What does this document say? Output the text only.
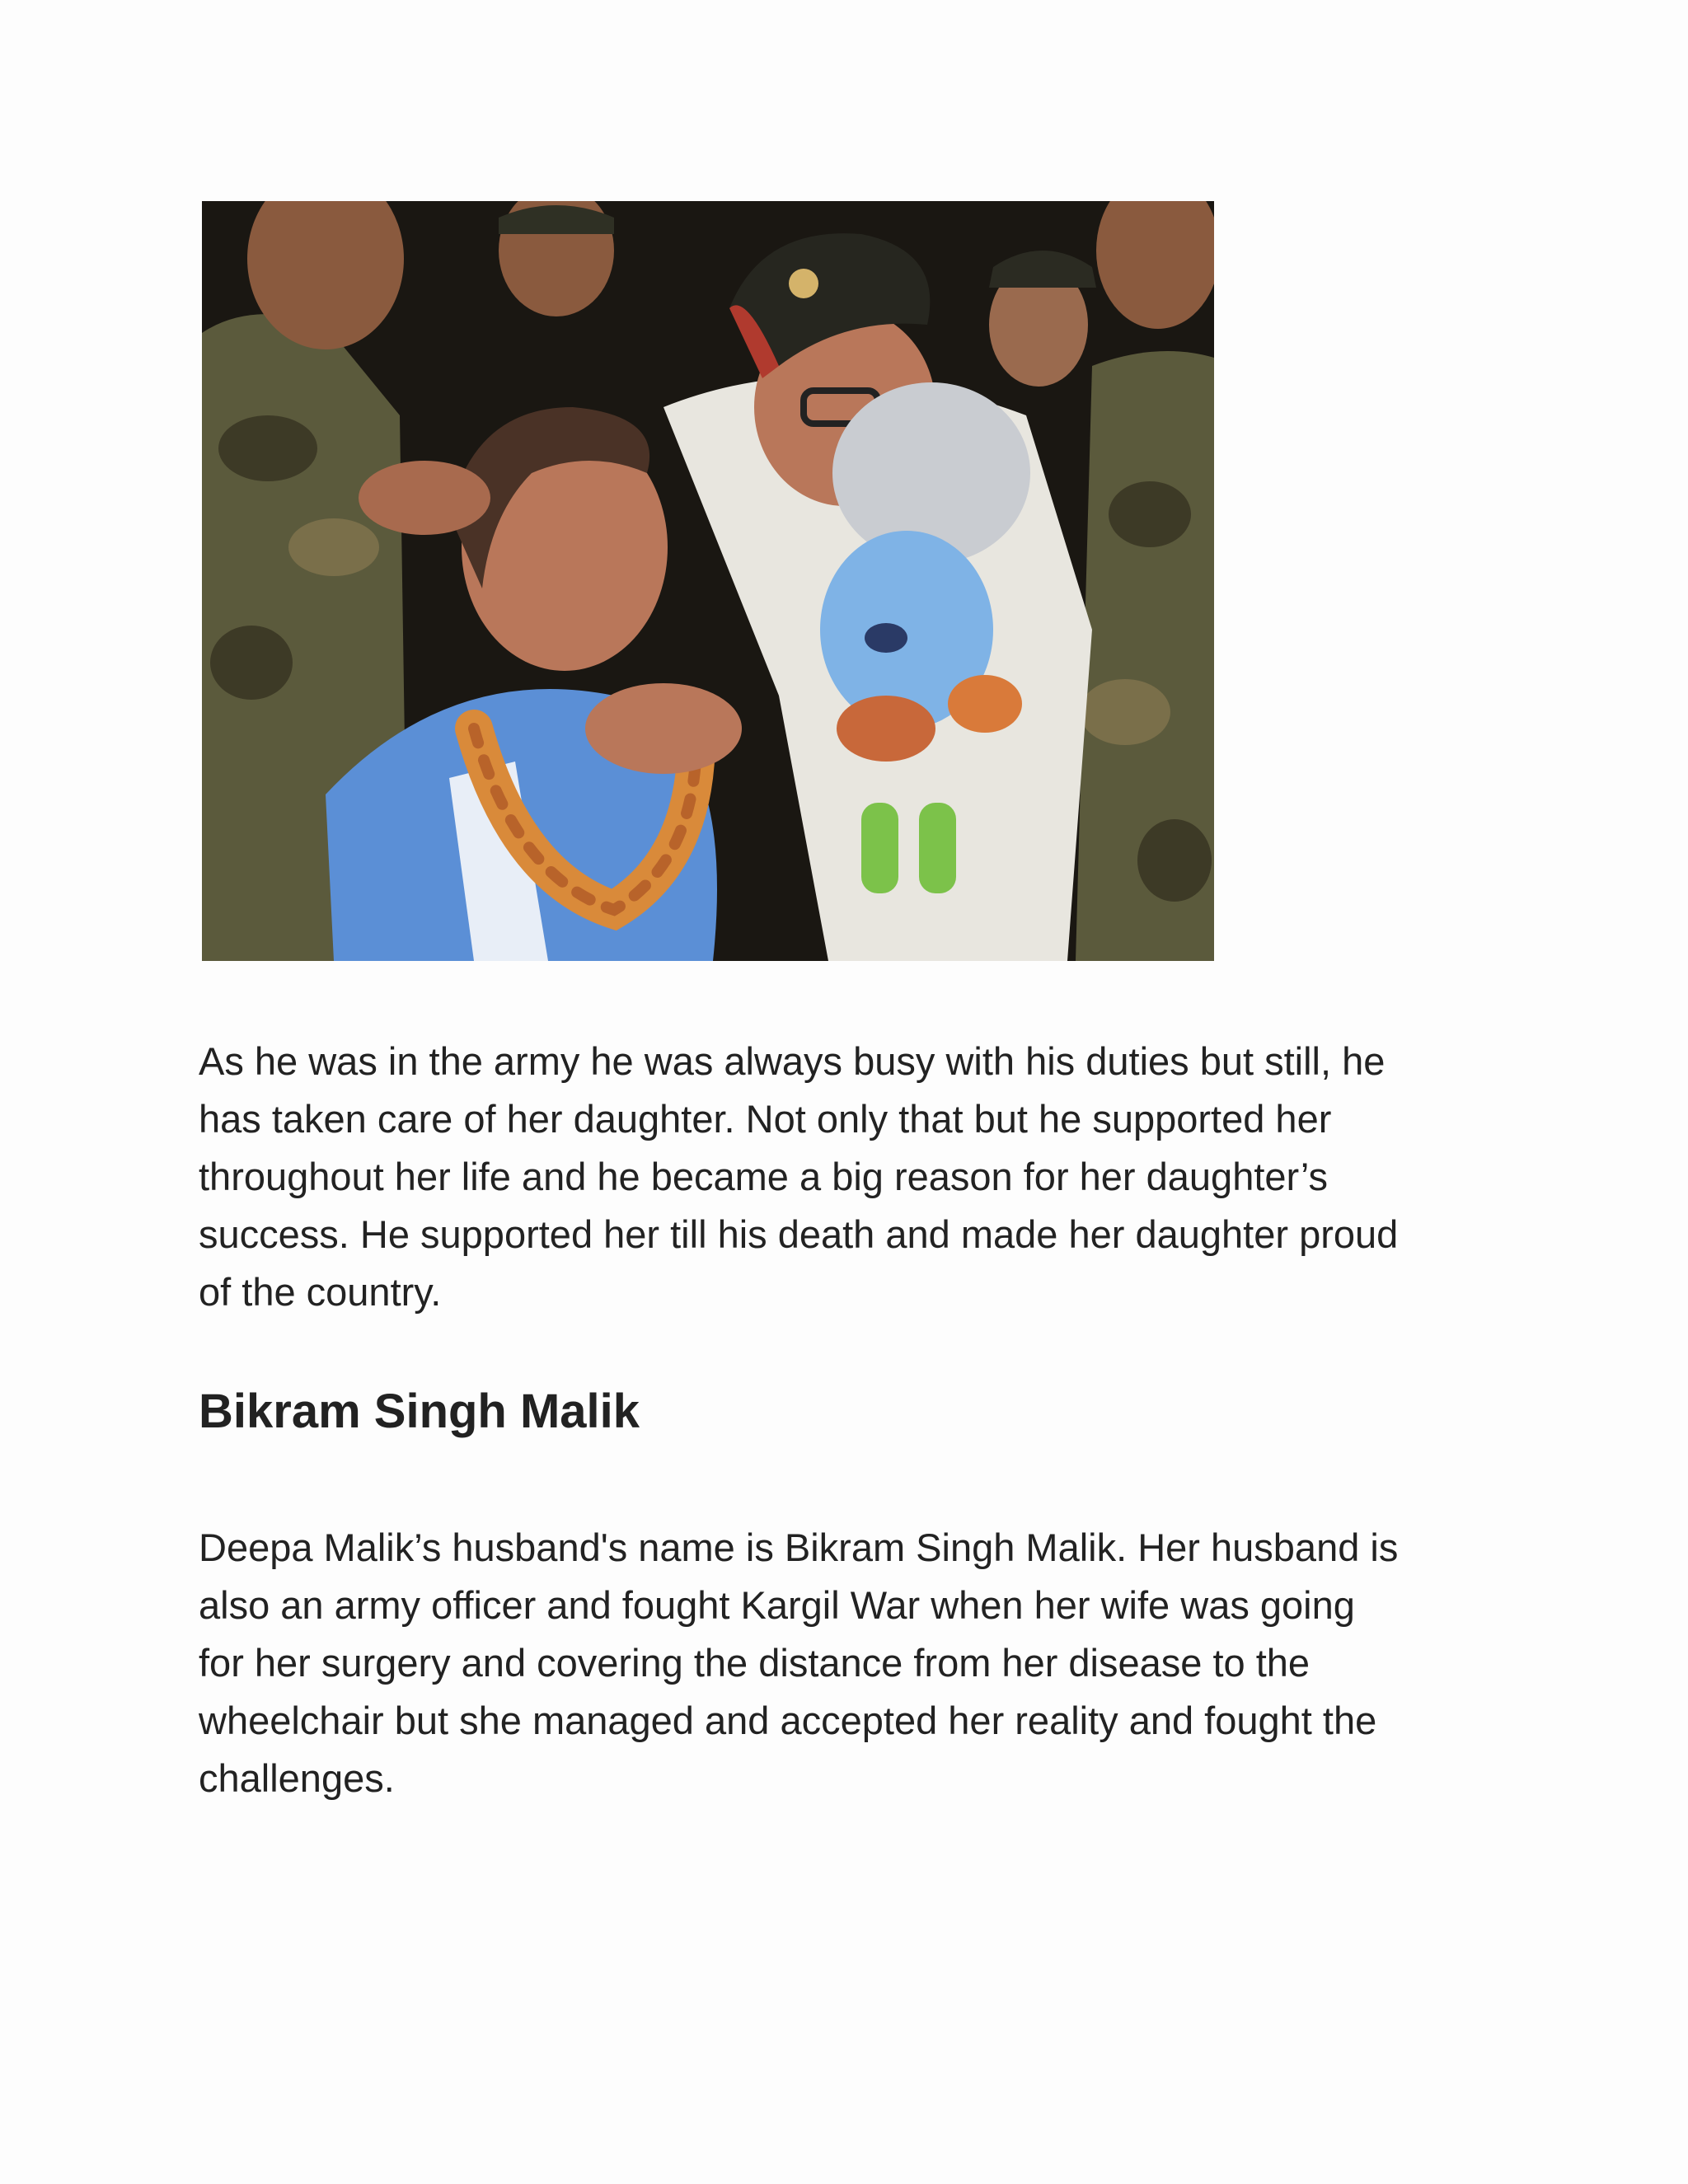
As he was in the army he was always busy with his duties but still, he
has taken care of her daughter. Not only that but he supported her
throughout her life and he became a big reason for her daughter’s
success. He supported her till his death and made her daughter proud
of the country.

Bikram Singh Malik

Deepa Malik’s husband's name is Bikram Singh Malik. Her husband is
also an army officer and fought Kargil War when her wife was going
for her surgery and covering the distance from her disease to the
wheelchair but she managed and accepted her reality and fought the
challenges.
